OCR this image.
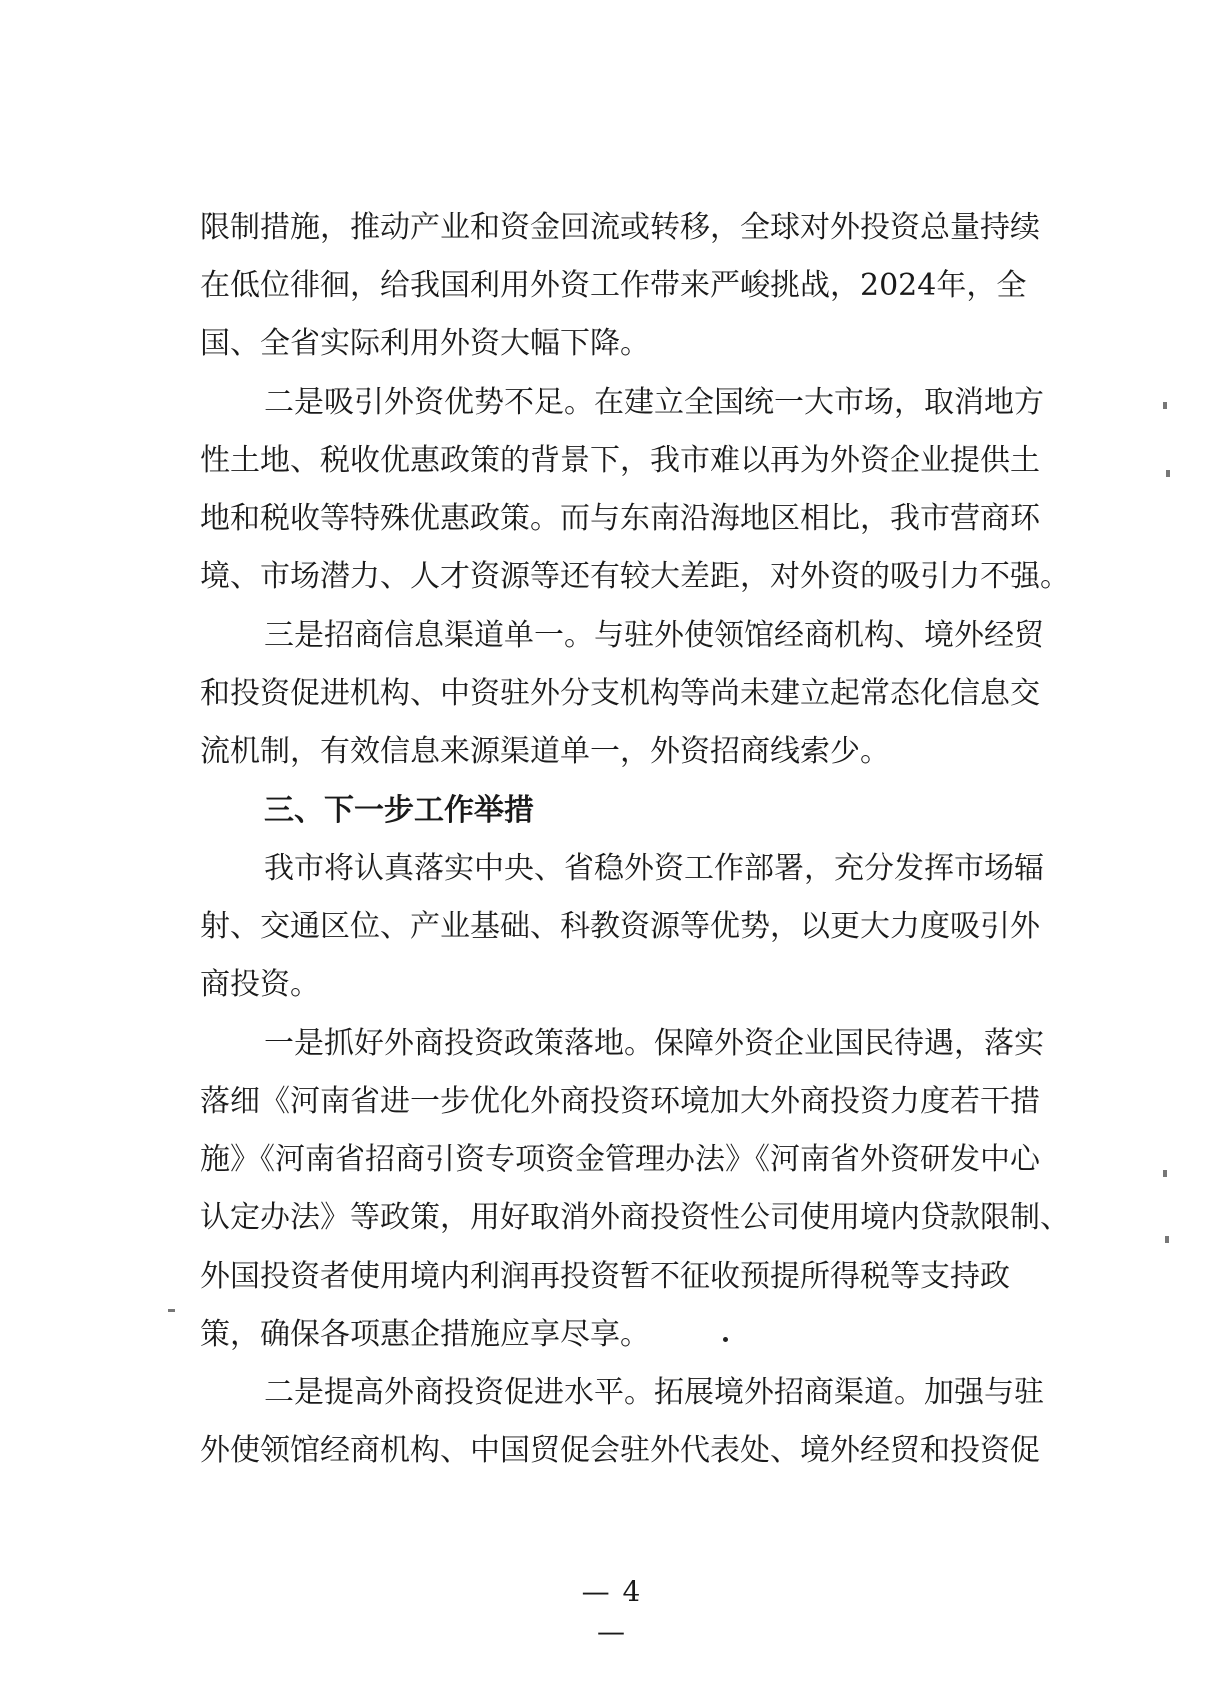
限制措施，推动产业和资金回流或转移，全球对外投资总量持续
在低位徘徊，给我国利用外资工作带来严峻挑战，2024年，全
国、全省实际利用外资大幅下降。
二是吸引外资优势不足。在建立全国统一大市场，取消地方
性土地、税收优惠政策的背景下，我市难以再为外资企业提供土
地和税收等特殊优惠政策。而与东南沿海地区相比，我市营商环
境、市场潜力、人才资源等还有较大差距，对外资的吸引力不强。
三是招商信息渠道单一。与驻外使领馆经商机构、境外经贸
和投资促进机构、中资驻外分支机构等尚未建立起常态化信息交
流机制，有效信息来源渠道单一，外资招商线索少。
三、下一步工作举措
我市将认真落实中央、省稳外资工作部署，充分发挥市场辐
射、交通区位、产业基础、科教资源等优势，以更大力度吸引外
商投资。
一是抓好外商投资政策落地。保障外资企业国民待遇，落实
落细《河南省进一步优化外商投资环境加大外商投资力度若干措
施》《河南省招商引资专项资金管理办法》《河南省外资研发中心
认定办法》等政策，用好取消外商投资性公司使用境内贷款限制、
外国投资者使用境内利润再投资暂不征收预提所得税等支持政
策，确保各项惠企措施应享尽享。
二是提高外商投资促进水平。拓展境外招商渠道。加强与驻
外使领馆经商机构、中国贸促会驻外代表处、境外经贸和投资促
— 4 —
